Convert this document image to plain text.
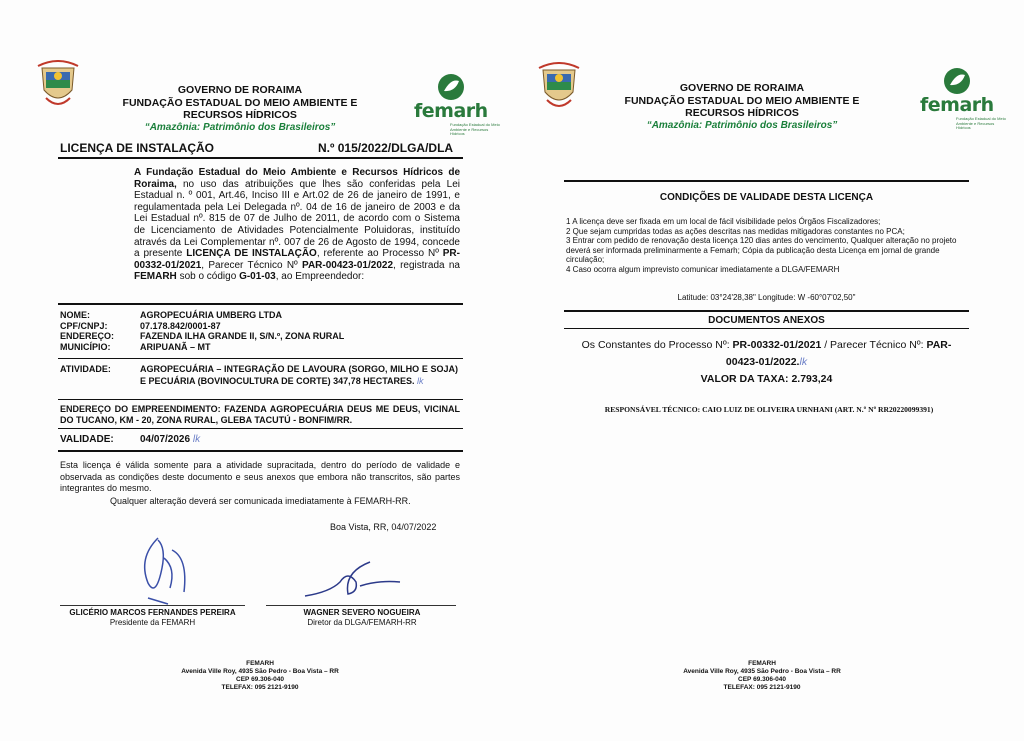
GOVERNO DE RORAIMA
FUNDAÇÃO ESTADUAL DO MEIO AMBIENTE E
RECURSOS HÍDRICOS
“Amazônia: Patrimônio dos Brasileiros”
femarh
Fundação Estadual do Meio Ambiente e Recursos Hídricos
LICENÇA DE INSTALAÇÃO	N.º 015/2022/DLGA/DLA
A Fundação Estadual do Meio Ambiente e Recursos Hídricos de Roraima, no uso das atribuições que lhes são conferidas pela Lei Estadual n. º 001, Art.46, Inciso III e Art.02 de 26 de janeiro de 1991, e regulamentada pela Lei Delegada nº. 04 de 16 de janeiro de 2003 e da Lei Estadual nº. 815 de 07 de Julho de 2011, de acordo com o Sistema de Licenciamento de Atividades Potencialmente Poluidoras, instituído através da Lei Complementar nº. 007 de 26 de Agosto de 1994, concede a presente LICENÇA DE INSTALAÇÃO, referente ao Processo Nº PR-00332-01/2021, Parecer Técnico Nº PAR-00423-01/2022, registrada na FEMARH sob o código G-01-03, ao Empreendedor:
NOME:	AGROPECUÁRIA UMBERG LTDA
CPF/CNPJ:	07.178.842/0001-87
ENDEREÇO:	FAZENDA ILHA GRANDE II, S/N.º, ZONA RURAL
MUNICÍPIO:	ARIPUANÃ – MT
ATIVIDADE:	AGROPECUÁRIA – INTEGRAÇÃO DE LAVOURA (SORGO, MILHO E SOJA) E PECUÁRIA (BOVINOCULTURA DE CORTE) 347,78 HECTARES. lk
ENDEREÇO DO EMPREENDIMENTO: FAZENDA AGROPECUÁRIA DEUS ME DEUS, VICINAL DO TUCANO, KM - 20, ZONA RURAL, GLEBA TACUTÚ - BONFIM/RR.
VALIDADE:	04/07/2026 lk
Esta licença é válida somente para a atividade supracitada, dentro do período de validade e observada as condições deste documento e seus anexos que embora não transcritos, são partes integrantes do mesmo.
Qualquer alteração deverá ser comunicada imediatamente à FEMARH-RR.
Boa Vista, RR, 04/07/2022
GLICÉRIO MARCOS FERNANDES PEREIRA
Presidente da FEMARH
WAGNER SEVERO NOGUEIRA
Diretor da DLGA/FEMARH-RR
FEMARH
Avenida Ville Roy, 4935 São Pedro - Boa Vista – RR
CEP 69.306-040
TELEFAX: 095 2121-9190
GOVERNO DE RORAIMA
FUNDAÇÃO ESTADUAL DO MEIO AMBIENTE E
RECURSOS HÍDRICOS
“Amazônia: Patrimônio dos Brasileiros”
femarh
Fundação Estadual do Meio Ambiente e Recursos Hídricos
CONDIÇÕES DE VALIDADE DESTA LICENÇA
1 A licença deve ser fixada em um local de fácil visibilidade pelos Órgãos Fiscalizadores;
2 Que sejam cumpridas todas as ações descritas nas medidas mitigadoras constantes no PCA;
3 Entrar com pedido de renovação desta licença 120 dias antes do vencimento, Qualquer alteração no projeto deverá ser informada preliminarmente a Femarh; Cópia da publicação desta Licença em jornal de grande circulação;
4 Caso ocorra algum imprevisto comunicar imediatamente a DLGA/FEMARH
Latitude: 03°24'28,38" Longitude: W -60°07'02,50"
DOCUMENTOS ANEXOS
Os Constantes do Processo Nº: PR-00332-01/2021 / Parecer Técnico Nº: PAR-
00423-01/2022.lk
VALOR DA TAXA: 2.793,24
RESPONSÁVEL TÉCNICO: CAIO LUIZ DE OLIVEIRA URNHANI (ART. N.º Nº RR20220099391)
FEMARH
Avenida Ville Roy, 4935 São Pedro - Boa Vista – RR
CEP 69.306-040
TELEFAX: 095 2121-9190
